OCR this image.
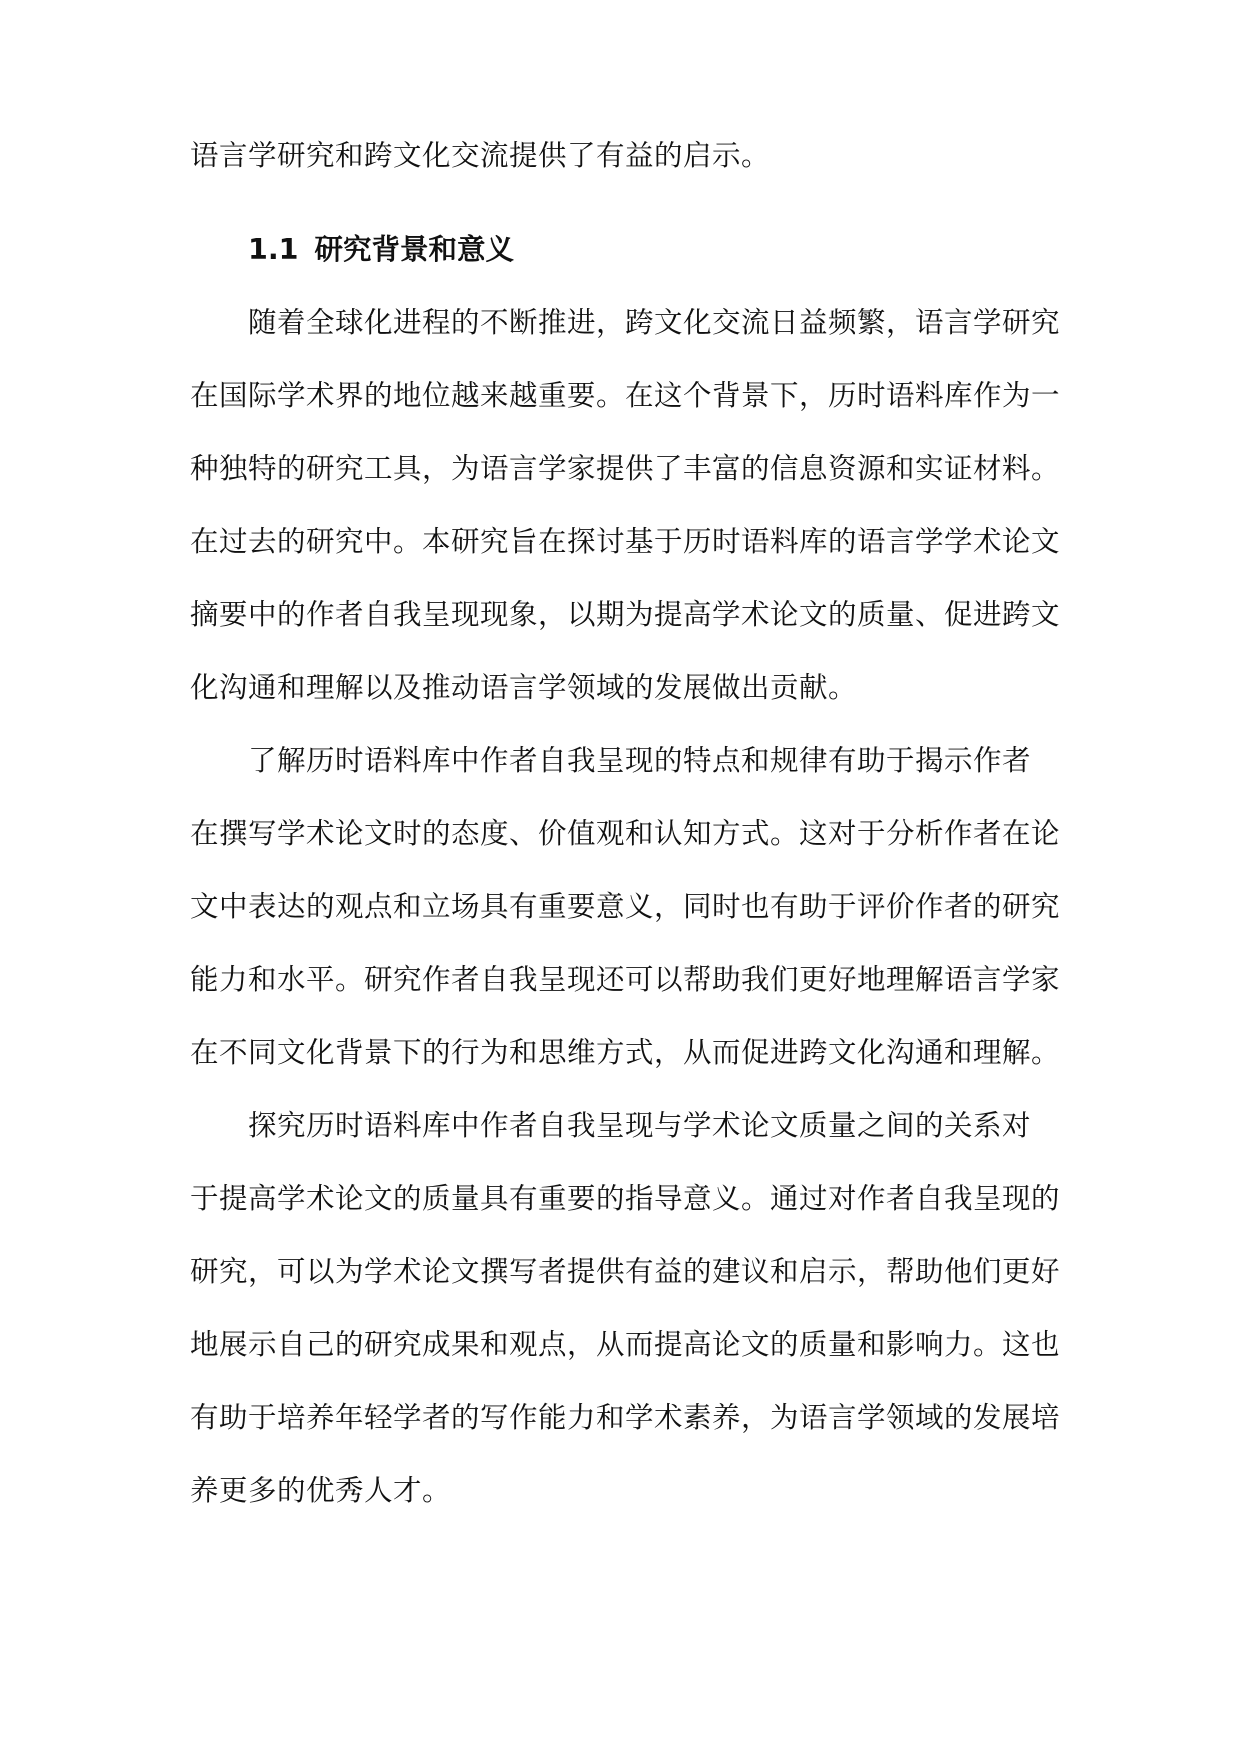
语言学研究和跨文化交流提供了有益的启示。
1.1 研究背景和意义
随着全球化进程的不断推进，跨文化交流日益频繁，语言学研究
在国际学术界的地位越来越重要。在这个背景下，历时语料库作为一
种独特的研究工具，为语言学家提供了丰富的信息资源和实证材料。
在过去的研究中。本研究旨在探讨基于历时语料库的语言学学术论文
摘要中的作者自我呈现现象，以期为提高学术论文的质量、促进跨文
化沟通和理解以及推动语言学领域的发展做出贡献。
了解历时语料库中作者自我呈现的特点和规律有助于揭示作者
在撰写学术论文时的态度、价值观和认知方式。这对于分析作者在论
文中表达的观点和立场具有重要意义，同时也有助于评价作者的研究
能力和水平。研究作者自我呈现还可以帮助我们更好地理解语言学家
在不同文化背景下的行为和思维方式，从而促进跨文化沟通和理解。
探究历时语料库中作者自我呈现与学术论文质量之间的关系对
于提高学术论文的质量具有重要的指导意义。通过对作者自我呈现的
研究，可以为学术论文撰写者提供有益的建议和启示，帮助他们更好
地展示自己的研究成果和观点，从而提高论文的质量和影响力。这也
有助于培养年轻学者的写作能力和学术素养，为语言学领域的发展培
养更多的优秀人才。
